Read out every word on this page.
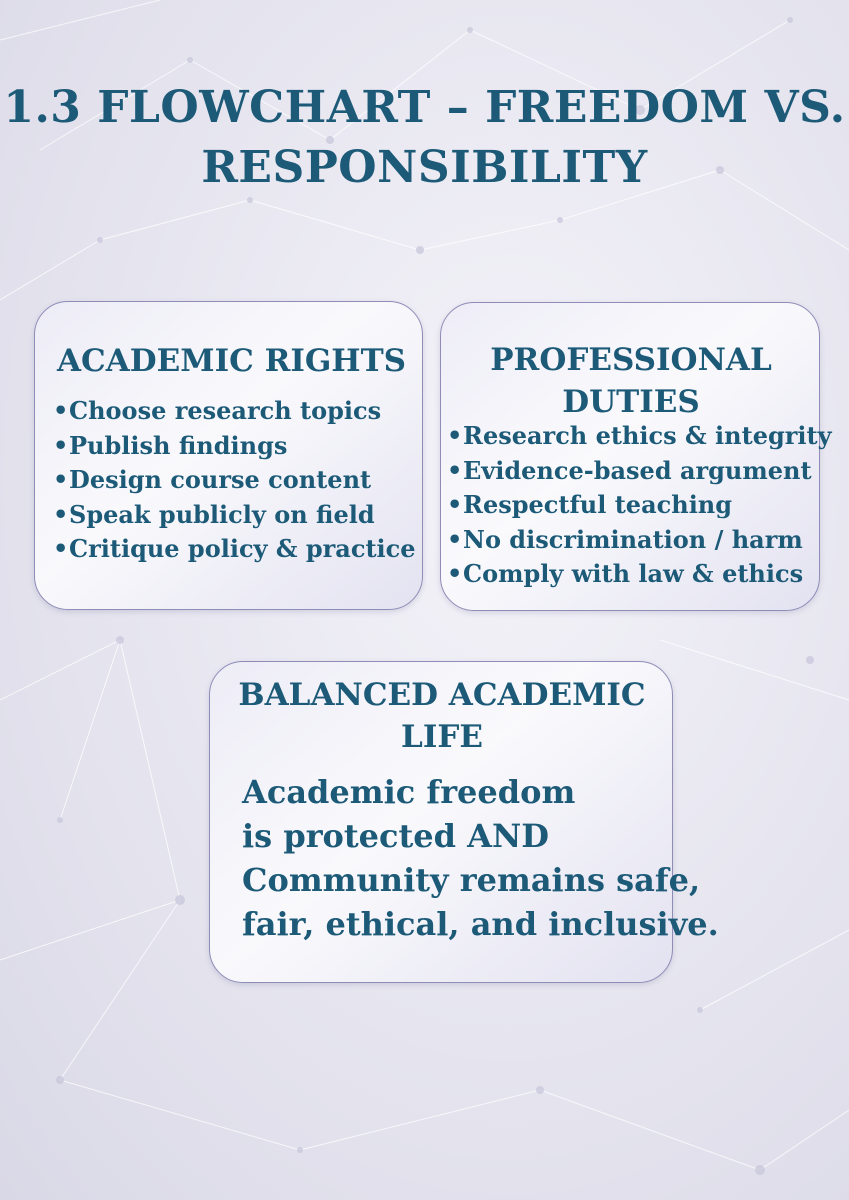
1.3 FLOWCHART – FREEDOM VS.
RESPONSIBILITY
ACADEMIC RIGHTS
•Choose research topics
•Publish findings
•Design course content
•Speak publicly on field
•Critique policy & practice
PROFESSIONAL
DUTIES
•Research ethics & integrity
•Evidence-based argument
•Respectful teaching
•No discrimination / harm
•Comply with law & ethics
BALANCED ACADEMIC
LIFE

Academic freedom
is protected AND
Community remains safe,
fair, ethical, and inclusive.
